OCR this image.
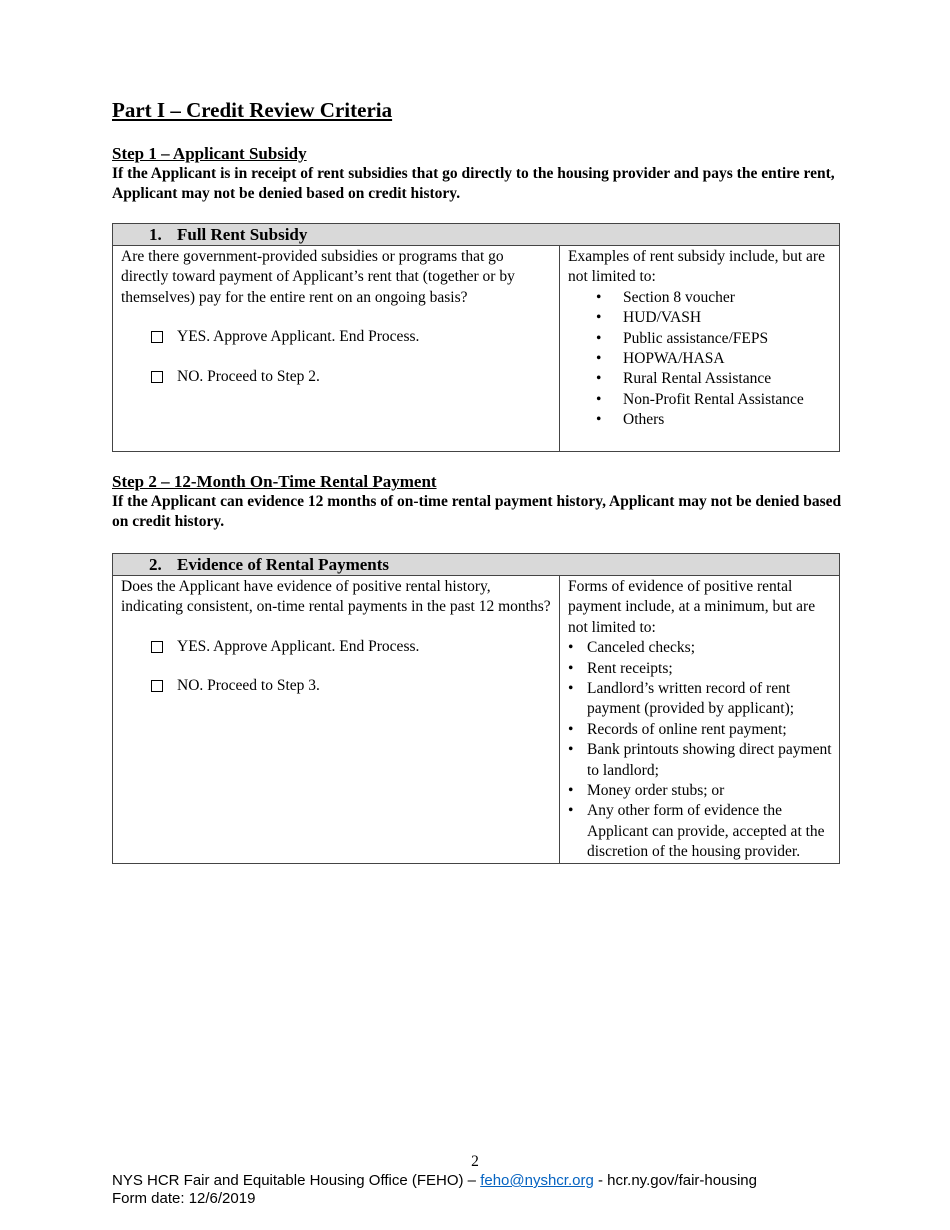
Part I – Credit Review Criteria
Step 1 – Applicant Subsidy

If the Applicant is in receipt of rent subsidies that go directly to the housing provider and pays the entire rent, Applicant may not be denied based on credit history.

1. Full Rent Subsidy

Are there government-provided subsidies or programs that go directly toward payment of Applicant’s rent that (together or by themselves) pay for the entire rent on an ongoing basis?
YES. Approve Applicant. End Process.
NO. Proceed to Step 2.

Examples of rent subsidy include, but are not limited to:
• Section 8 voucher
• HUD/VASH
• Public assistance/FEPS
• HOPWA/HASA
• Rural Rental Assistance
• Non-Profit Rental Assistance
• Others
Step 2 – 12-Month On-Time Rental Payment

If the Applicant can evidence 12 months of on-time rental payment history, Applicant may not be denied based on credit history.

2. Evidence of Rental Payments

Does the Applicant have evidence of positive rental history, indicating consistent, on-time rental payments in the past 12 months?
YES. Approve Applicant. End Process.
NO. Proceed to Step 3.

Forms of evidence of positive rental payment include, at a minimum, but are not limited to:
• Canceled checks;
• Rent receipts;
• Landlord’s written record of rent payment (provided by applicant);
• Records of online rent payment;
• Bank printouts showing direct payment to landlord;
• Money order stubs; or
• Any other form of evidence the Applicant can provide, accepted at the discretion of the housing provider.
2
NYS HCR Fair and Equitable Housing Office (FEHO) – feho@nyshcr.org - hcr.ny.gov/fair-housing
Form date: 12/6/2019
